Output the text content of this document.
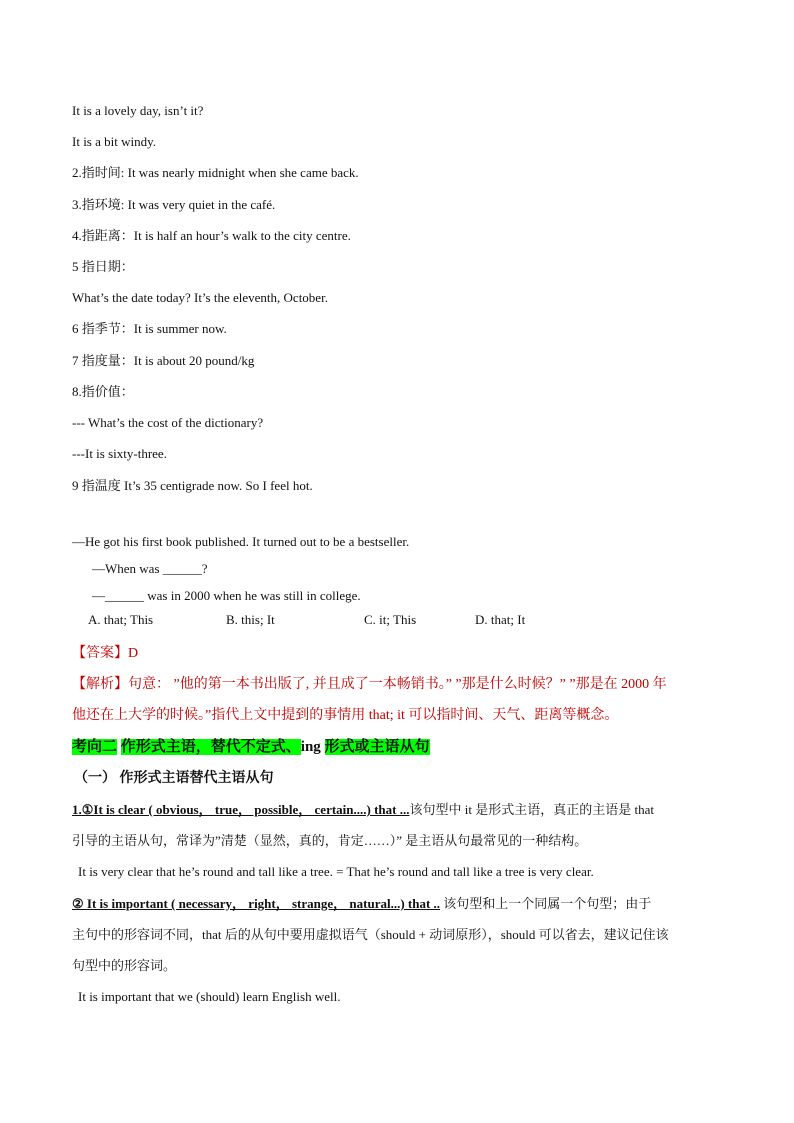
It is a lovely day, isn’t it?
It is a bit windy.
2.指时间: It was nearly midnight when she came back.
3.指环境: It was very quiet in the café.
4.指距离：It is half an hour’s walk to the city centre.
5 指日期：
What’s the date today? It’s the eleventh, October.
6 指季节：It is summer now.
7 指度量：It is about 20 pound/kg
8.指价值：
--- What’s the cost of the dictionary?
---It is sixty-three.
9 指温度 It’s 35 centigrade now. So I feel hot.
—He got his first book published. It turned out to be a bestseller.
—When was ______?
—______ was in 2000 when he was still in college.
A. that; This	B. this; It	C. it; This	D. that; It
【答案】D
【解析】句意： ”他的第一本书出版了, 并且成了一本畅销书。” ”那是什么时候？” ”那是在 2000 年
他还在上大学的时候。”指代上文中提到的事情用 that; it 可以指时间、天气、距离等概念。
考向二 作形式主语，替代不定式、ing 形式或主语从句
（一） 作形式主语替代主语从句
1.①It is clear ( obvious， true， possible， certain....) that ...该句型中 it 是形式主语，真正的主语是 that
引导的主语从句，常译为”清楚（显然，真的，肯定……）” 是主语从句最常见的一种结构。
It is very clear that he’s round and tall like a tree. = That he’s round and tall like a tree is very clear.
② It is important ( necessary， right， strange， natural...) that .. 该句型和上一个同属一个句型；由于
主句中的形容词不同，that 后的从句中要用虚拟语气（should + 动词原形），should 可以省去，建议记住该
句型中的形容词。
It is important that we (should) learn English well.
